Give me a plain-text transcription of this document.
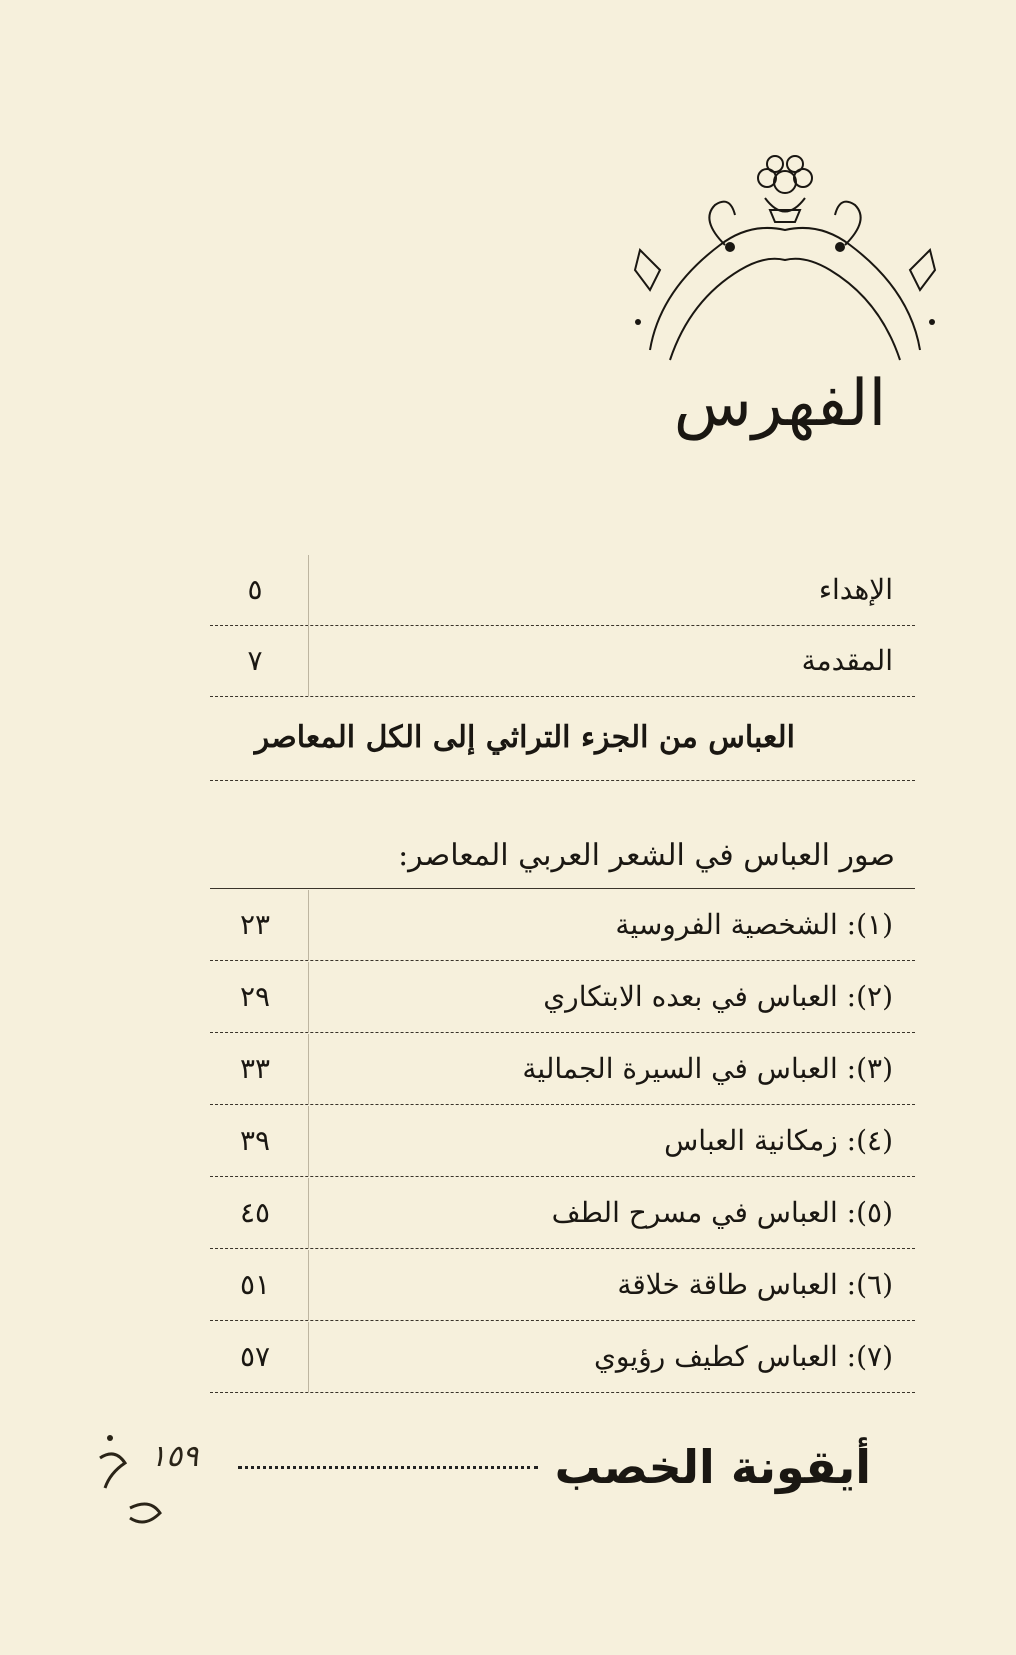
الفهرس
الإهداء
٥
المقدمة
٧
العباس من الجزء التراثي إلى الكل المعاصر
صور العباس في الشعر العربي المعاصر:
(١): الشخصية الفروسية
٢٣
(٢): العباس في بعده الابتكاري
٢٩
(٣): العباس في السيرة الجمالية
٣٣
(٤): زمكانية العباس
٣٩
(٥): العباس في مسرح الطف
٤٥
(٦): العباس طاقة خلاقة
٥١
(٧): العباس كطيف رؤيوي
٥٧
أيقونة الخصب
١٥٩
